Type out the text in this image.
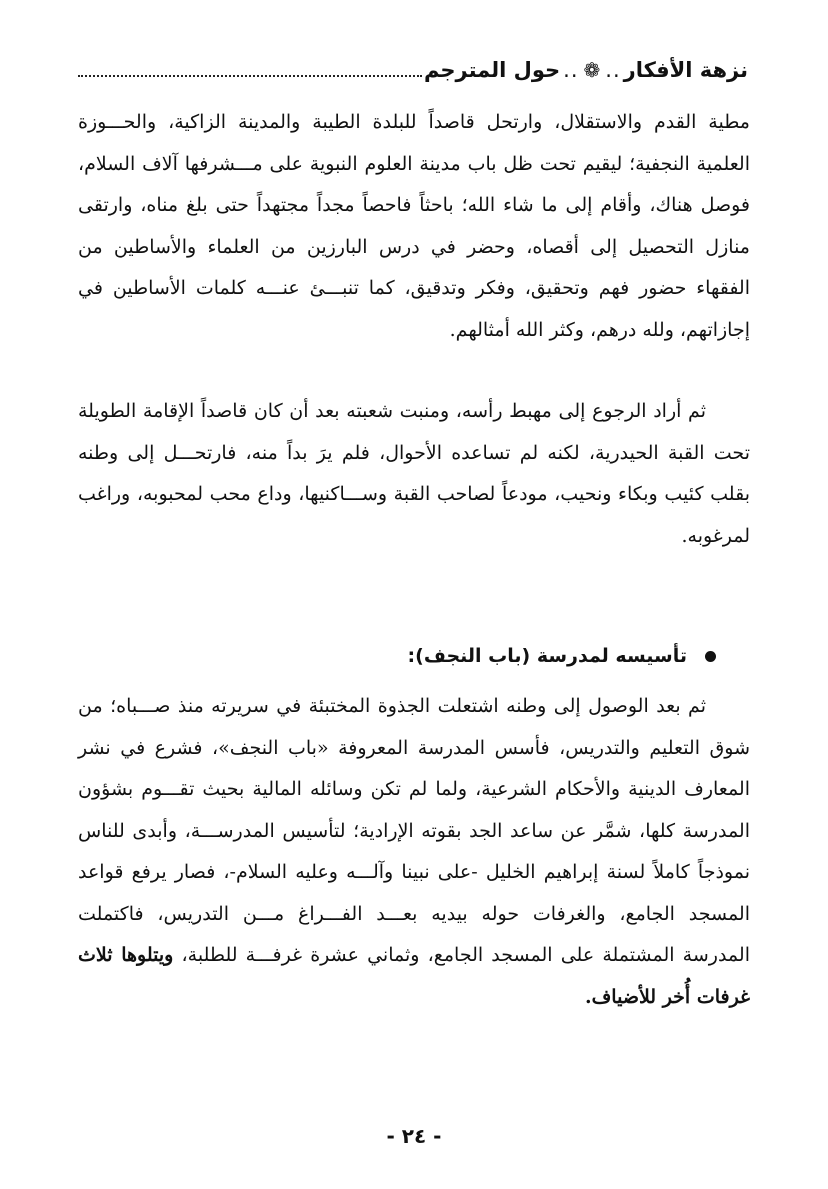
نزهة الأفكار
..
❁
..
حول المترجم

مطية القدم والاستقلال، وارتحل قاصداً للبلدة الطيبة والمدينة الزاكية، والحـــوزة العلمية النجفية؛ ليقيم تحت ظل باب مدينة العلوم النبوية على مـــشرفها آلاف السلام، فوصل هناك، وأقام إلى ما شاء الله؛ باحثاً فاحصاً مجداً مجتهداً حتى بلغ مناه، وارتقى منازل التحصيل إلى أقصاه، وحضر في درس البارزين من العلماء والأساطين من الفقهاء حضور فهم وتحقيق، وفكر وتدقيق، كما تنبـــئ عنـــه كلمات الأساطين في إجازاتهم، ولله درهم، وكثر الله أمثالهم.

ثم أراد الرجوع إلى مهبط رأسه، ومنبت شعبته بعد أن كان قاصداً الإقامة الطويلة تحت القبة الحيدرية، لكنه لم تساعده الأحوال، فلم يرَ بداً منه، فارتحـــل إلى وطنه بقلب كئيب وبكاء ونحيب، مودعاً لصاحب القبة وســـاكنيها، وداع محب لمحبوبه، وراغب لمرغوبه.

تأسيسه لمدرسة (باب النجف):

ثم بعد الوصول إلى وطنه اشتعلت الجذوة المختبئة في سريرته منذ صـــباه؛ من شوق التعليم والتدريس، فأسس المدرسة المعروفة «باب النجف»، فشرع في نشر المعارف الدينية والأحكام الشرعية، ولما لم تكن وسائله المالية بحيث تقـــوم بشؤون المدرسة كلها، شمَّر عن ساعد الجد بقوته الإرادية؛ لتأسيس المدرســـة، وأبدى للناس نموذجاً كاملاً لسنة إبراهيم الخليل -على نبينا وآلـــه وعليه السلام-، فصار يرفع قواعد المسجد الجامع، والغرفات حوله بيديه بعـــد الفـــراغ مـــن التدريس، فاكتملت المدرسة المشتملة على المسجد الجامع، وثماني عشرة غرفـــة للطلبة، ويتلوها ثلاث غرفات أُخر للأضياف.

- ٢٤ -
